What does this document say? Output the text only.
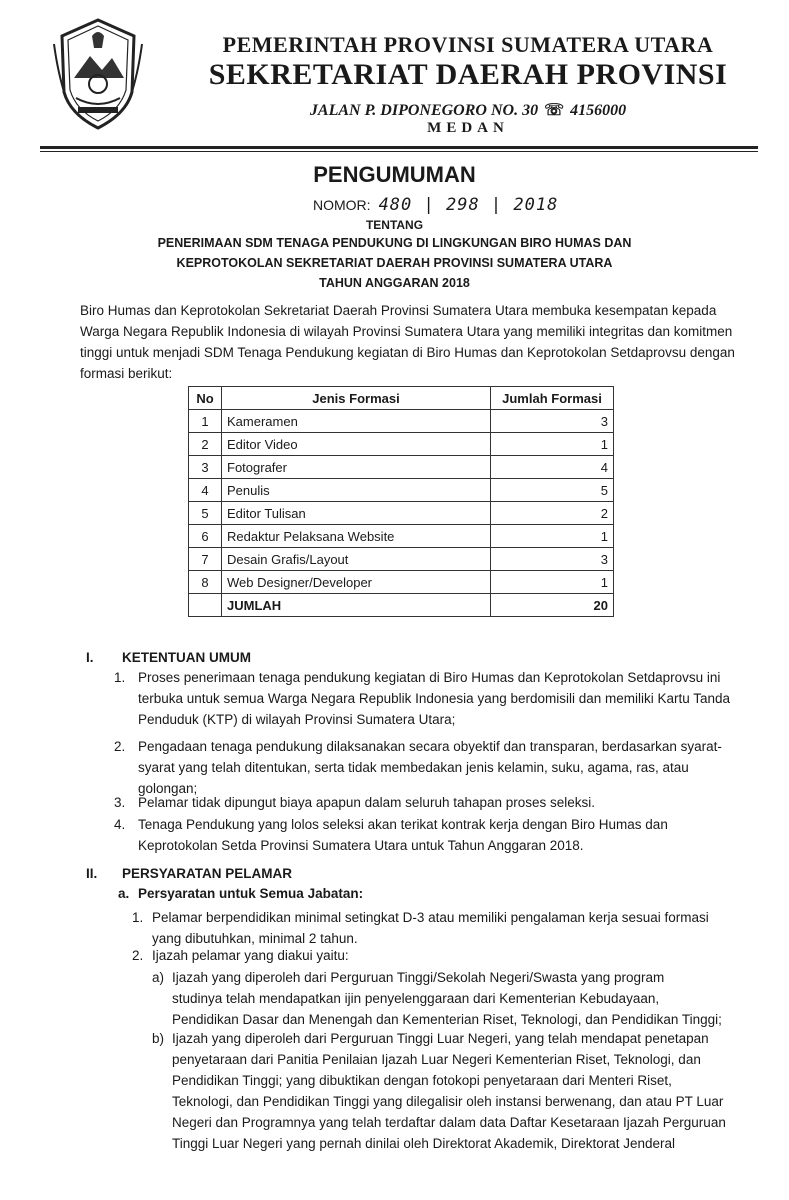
PEMERINTAH PROVINSI SUMATERA UTARA
SEKRETARIAT DAERAH PROVINSI
JALAN P. DIPONEGORO NO. 30 ☏ 4156000
MEDAN
PENGUMUMAN
NOMOR: 480 | 298 | 2018
TENTANG
PENERIMAAN SDM TENAGA PENDUKUNG DI LINGKUNGAN BIRO HUMAS DAN
KEPROTOKOLAN SEKRETARIAT DAERAH PROVINSI SUMATERA UTARA
TAHUN ANGGARAN 2018
Biro Humas dan Keprotokolan Sekretariat Daerah Provinsi Sumatera Utara membuka kesempatan kepada
Warga Negara Republik Indonesia di wilayah Provinsi Sumatera Utara yang memiliki integritas dan komitmen
tinggi untuk menjadi SDM Tenaga Pendukung kegiatan di Biro Humas dan Keprotokolan Setdaprovsu dengan
formasi berikut:
No	Jenis Formasi	Jumlah Formasi
1	Kameramen	3
2	Editor Video	1
3	Fotografer	4
4	Penulis	5
5	Editor Tulisan	2
6	Redaktur Pelaksana Website	1
7	Desain Grafis/Layout	3
8	Web Designer/Developer	1
	JUMLAH	20
I. KETENTUAN UMUM
1. Proses penerimaan tenaga pendukung kegiatan di Biro Humas dan Keprotokolan Setdaprovsu ini
terbuka untuk semua Warga Negara Republik Indonesia yang berdomisili dan memiliki Kartu Tanda
Penduduk (KTP) di wilayah Provinsi Sumatera Utara;
2. Pengadaan tenaga pendukung dilaksanakan secara obyektif dan transparan, berdasarkan syarat-
syarat yang telah ditentukan, serta tidak membedakan jenis kelamin, suku, agama, ras, atau
golongan;
3. Pelamar tidak dipungut biaya apapun dalam seluruh tahapan proses seleksi.
4. Tenaga Pendukung yang lolos seleksi akan terikat kontrak kerja dengan Biro Humas dan
Keprotokolan Setda Provinsi Sumatera Utara untuk Tahun Anggaran 2018.
II. PERSYARATAN PELAMAR
a. Persyaratan untuk Semua Jabatan:
1. Pelamar berpendidikan minimal setingkat D-3 atau memiliki pengalaman kerja sesuai formasi
yang dibutuhkan, minimal 2 tahun.
2. Ijazah pelamar yang diakui yaitu:
a) Ijazah yang diperoleh dari Perguruan Tinggi/Sekolah Negeri/Swasta yang program
studinya telah mendapatkan ijin penyelenggaraan dari Kementerian Kebudayaan,
Pendidikan Dasar dan Menengah dan Kementerian Riset, Teknologi, dan Pendidikan Tinggi;
b) Ijazah yang diperoleh dari Perguruan Tinggi Luar Negeri, yang telah mendapat penetapan
penyetaraan dari Panitia Penilaian Ijazah Luar Negeri Kementerian Riset, Teknologi, dan
Pendidikan Tinggi; yang dibuktikan dengan fotokopi penyetaraan dari Menteri Riset,
Teknologi, dan Pendidikan Tinggi yang dilegalisir oleh instansi berwenang, dan atau PT Luar
Negeri dan Programnya yang telah terdaftar dalam data Daftar Kesetaraan Ijazah Perguruan
Tinggi Luar Negeri yang pernah dinilai oleh Direktorat Akademik, Direktorat Jenderal
